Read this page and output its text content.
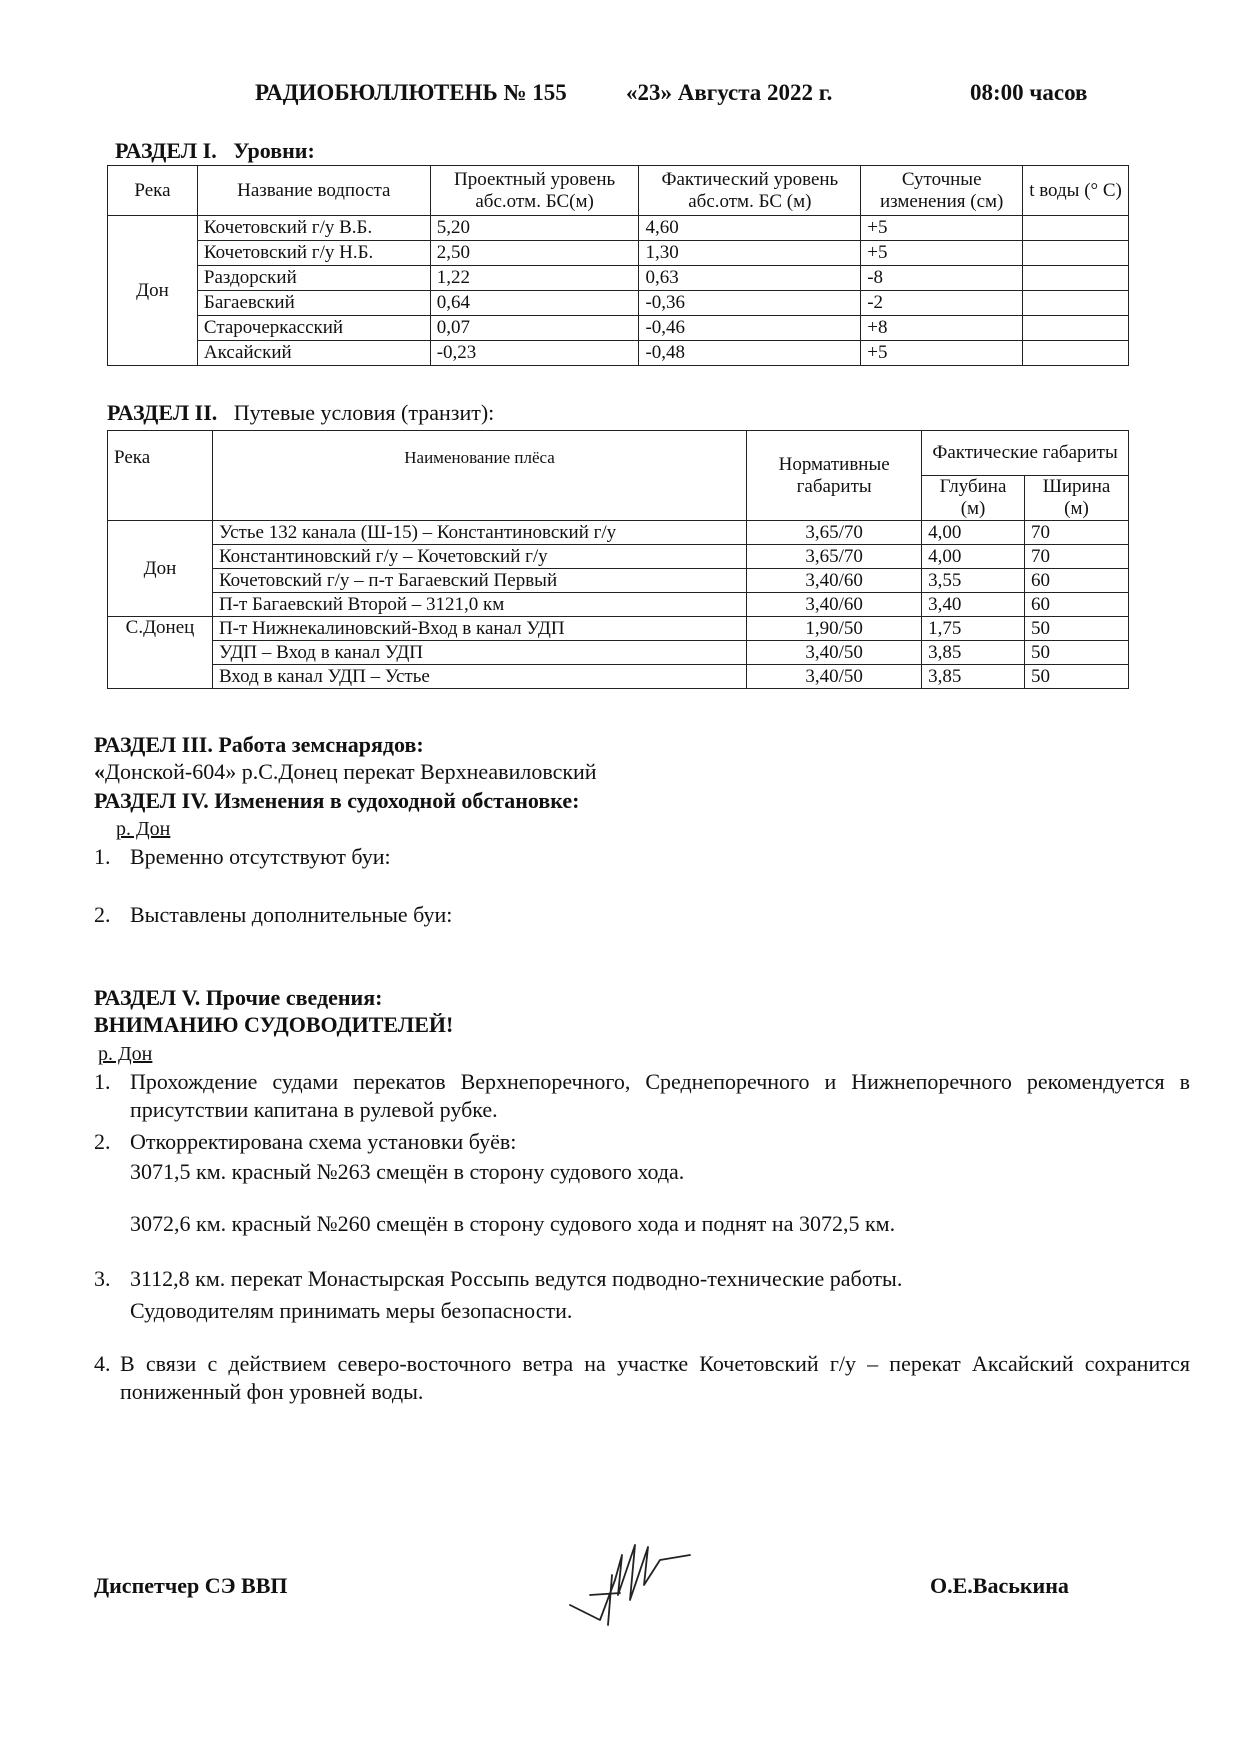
РАДИОБЮЛЛЮТЕНЬ № 155	«23» Августа 2022 г.	08:00 часов
РАЗДЕЛ I. Уровни:
Река	Название водпоста	Проектный уровень абс.отм. БС(м)	Фактический уровень абс.отм. БС (м)	Суточные изменения (см)	t воды (° С)
Дон	Кочетовский г/у В.Б.	5,20	4,60	+5	
	Кочетовский г/у Н.Б.	2,50	1,30	+5	
	Раздорский	1,22	0,63	-8	
	Багаевский	0,64	-0,36	-2	
	Старочеркасский	0,07	-0,46	+8	
	Аксайский	-0,23	-0,48	+5	
РАЗДЕЛ II. Путевые условия (транзит):
Река	Наименование плёса	Нормативные габариты	Фактические габариты	
			Глубина (м)	Ширина (м)
Дон	Устье 132 канала (Ш-15) – Константиновский г/у	3,65/70	4,00	70
	Константиновский г/у – Кочетовский г/у	3,65/70	4,00	70
	Кочетовский г/у – п-т Багаевский Первый	3,40/60	3,55	60
	П-т Багаевский Второй – 3121,0 км	3,40/60	3,40	60
С.Донец	П-т Нижнекалиновский-Вход в канал УДП	1,90/50	1,75	50
	УДП – Вход в канал УДП	3,40/50	3,85	50
	Вход в канал УДП – Устье	3,40/50	3,85	50
РАЗДЕЛ III. Работа земснарядов:
«Донской-604» р.С.Донец перекат Верхнеавиловский
РАЗДЕЛ IV. Изменения в судоходной обстановке:
р. Дон
1. Временно отсутствуют буи:
2. Выставлены дополнительные буи:
РАЗДЕЛ V. Прочие сведения:
ВНИМАНИЮ СУДОВОДИТЕЛЕЙ!
р. Дон
1. Прохождение судами перекатов Верхнепоречного, Среднепоречного и Нижнепоречного рекомендуется в присутствии капитана в рулевой рубке.
2. Откорректирована схема установки буёв:
3071,5 км. красный №263 смещён в сторону судового хода.
3072,6 км. красный №260 смещён в сторону судового хода и поднят на 3072,5 км.
3. 3112,8 км. перекат Монастырская Россыпь ведутся подводно-технические работы.
Судоводителям принимать меры безопасности.
4. В связи с действием северо-восточного ветра на участке Кочетовский г/у – перекат Аксайский сохранится пониженный фон уровней воды.
Диспетчер СЭ ВВП	О.Е.Васькина
